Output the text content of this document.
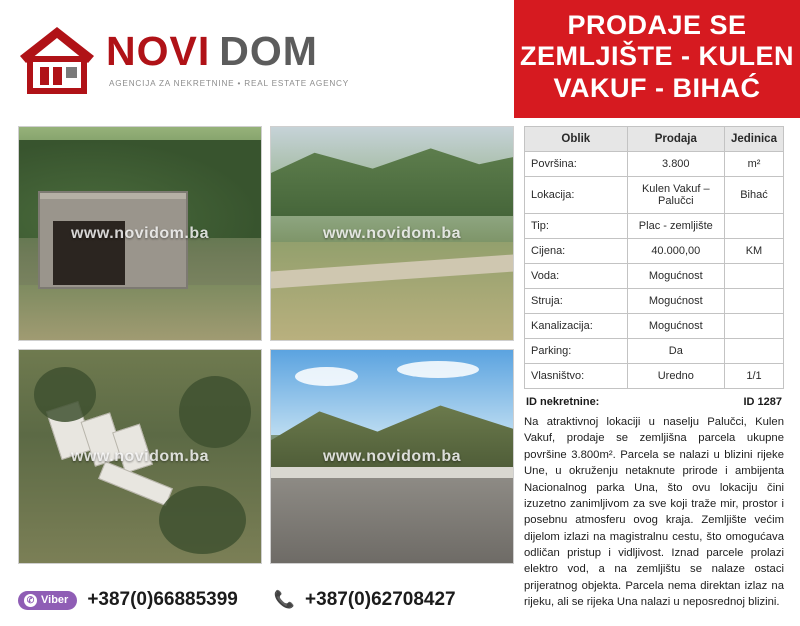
NOVI DOM
AGENCIJA ZA NEKRETNINE • REAL ESTATE AGENCY
PRODAJE SE
ZEMLJIŠTE - KULEN
VAKUF - BIHAĆ
www.novidom.ba	www.novidom.ba
www.novidom.ba	www.novidom.ba
✆ Viber +387(0)66885399 📞 +387(0)62708427
Oblik	Prodaja	Jedinica
Površina:	3.800	m²
Lokacija:	Kulen Vakuf – Palučci	Bihać
Tip:	Plac - zemljište	
Cijena:	40.000,00	KM
Voda:	Mogućnost	
Struja:	Mogućnost	
Kanalizacija:	Mogućnost	
Parking:	Da	
Vlasništvo:	Uredno	1/1
ID nekretnine:	ID 1287
Na atraktivnoj lokaciji u naselju Palučci, Kulen Vakuf, prodaje se zemljišna parcela ukupne površine 3.800m². Parcela se nalazi u blizini rijeke Une, u okruženju netaknute prirode i ambijenta Nacionalnog parka Una, što ovu lokaciju čini izuzetno zanimljivom za sve koji traže mir, prostor i posebnu atmosferu ovog kraja. Zemljište većim dijelom izlazi na magistralnu cestu, što omogućava odličan pristup i vidljivost. Iznad parcele prolazi elektro vod, a na zemljištu se nalaze ostaci prijeratnog objekta. Parcela nema direktan izlaz na rijeku, ali se rijeka Una nalazi u neposrednoj blizini.
